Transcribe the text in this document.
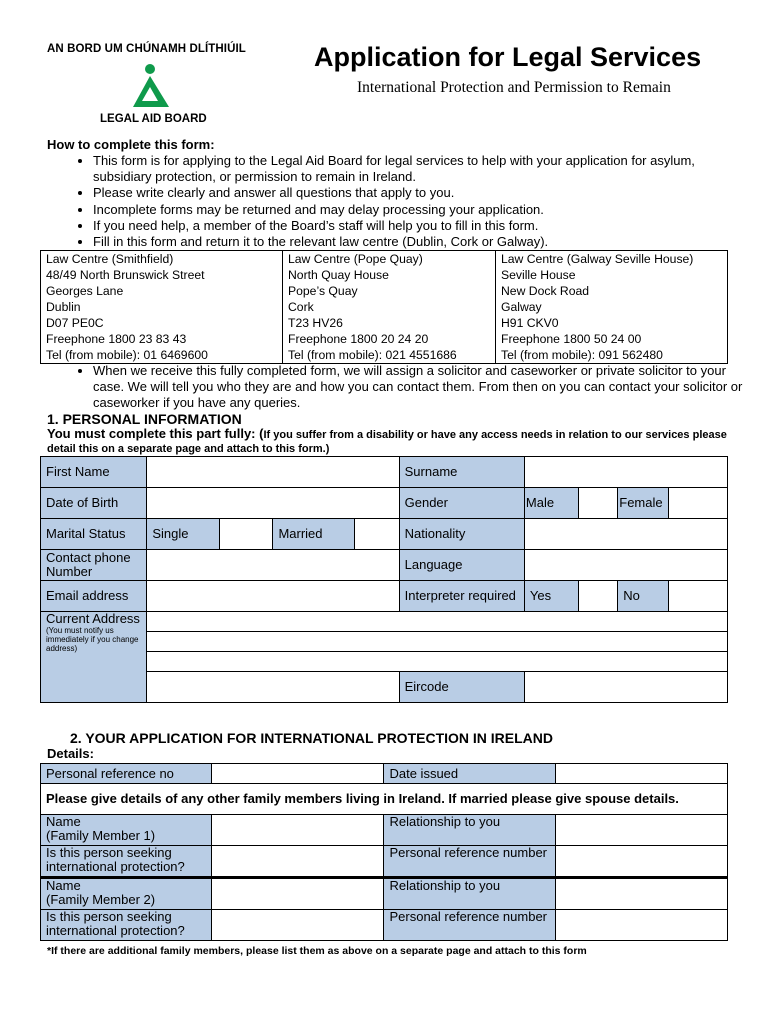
AN BORD UM CHÚNAMH DLÍTHIÚIL
LEGAL AID BOARD
Application for Legal Services
International Protection and Permission to Remain
How to complete this form:
• This form is for applying to the Legal Aid Board for legal services to help with your application for asylum, subsidiary protection, or permission to remain in Ireland.
• Please write clearly and answer all questions that apply to you.
• Incomplete forms may be returned and may delay processing your application.
• If you need help, a member of the Board’s staff will help you to fill in this form.
• Fill in this form and return it to the relevant law centre (Dublin, Cork or Galway).
Law Centre (Smithfield)
48/49 North Brunswick Street
Georges Lane
Dublin
D07 PE0C
Freephone 1800 23 83 43
Tel (from mobile): 01 6469600

Law Centre (Pope Quay)
North Quay House
Pope’s Quay
Cork
T23 HV26
Freephone 1800 20 24 20
Tel (from mobile): 021 4551686

Law Centre (Galway Seville House)
Seville House
New Dock Road
Galway
H91 CKV0
Freephone 1800 50 24 00
Tel (from mobile): 091 562480
• When we receive this fully completed form, we will assign a solicitor and caseworker or private solicitor to your case. We will tell you who they are and how you can contact them. From then on you can contact your solicitor or caseworker if you have any queries.
1. PERSONAL INFORMATION
You must complete this part fully: (If you suffer from a disability or have any access needs in relation to our services please detail this on a separate page and attach to this form.)
First Name					Surname				
Date of Birth					Gender	Male		Female	
Marital Status	Single		Married		Nationality				
Contact phone Number					Language				
Email address					Interpreter required	Yes		No	
Current Address
(You must notify us immediately if you change address)									

					Eircode				
2. YOUR APPLICATION FOR INTERNATIONAL PROTECTION IN IRELAND
Details:
Personal reference no		Date issued	
Please give details of any other family members living in Ireland. If married please give spouse details.			

Name
(Family Member 1)		Relationship to you	
Is this person seeking international protection?		Personal reference number	

Name
(Family Member 2)		Relationship to you	
Is this person seeking international protection?		Personal reference number	
*If there are additional family members, please list them as above on a separate page and attach to this form
